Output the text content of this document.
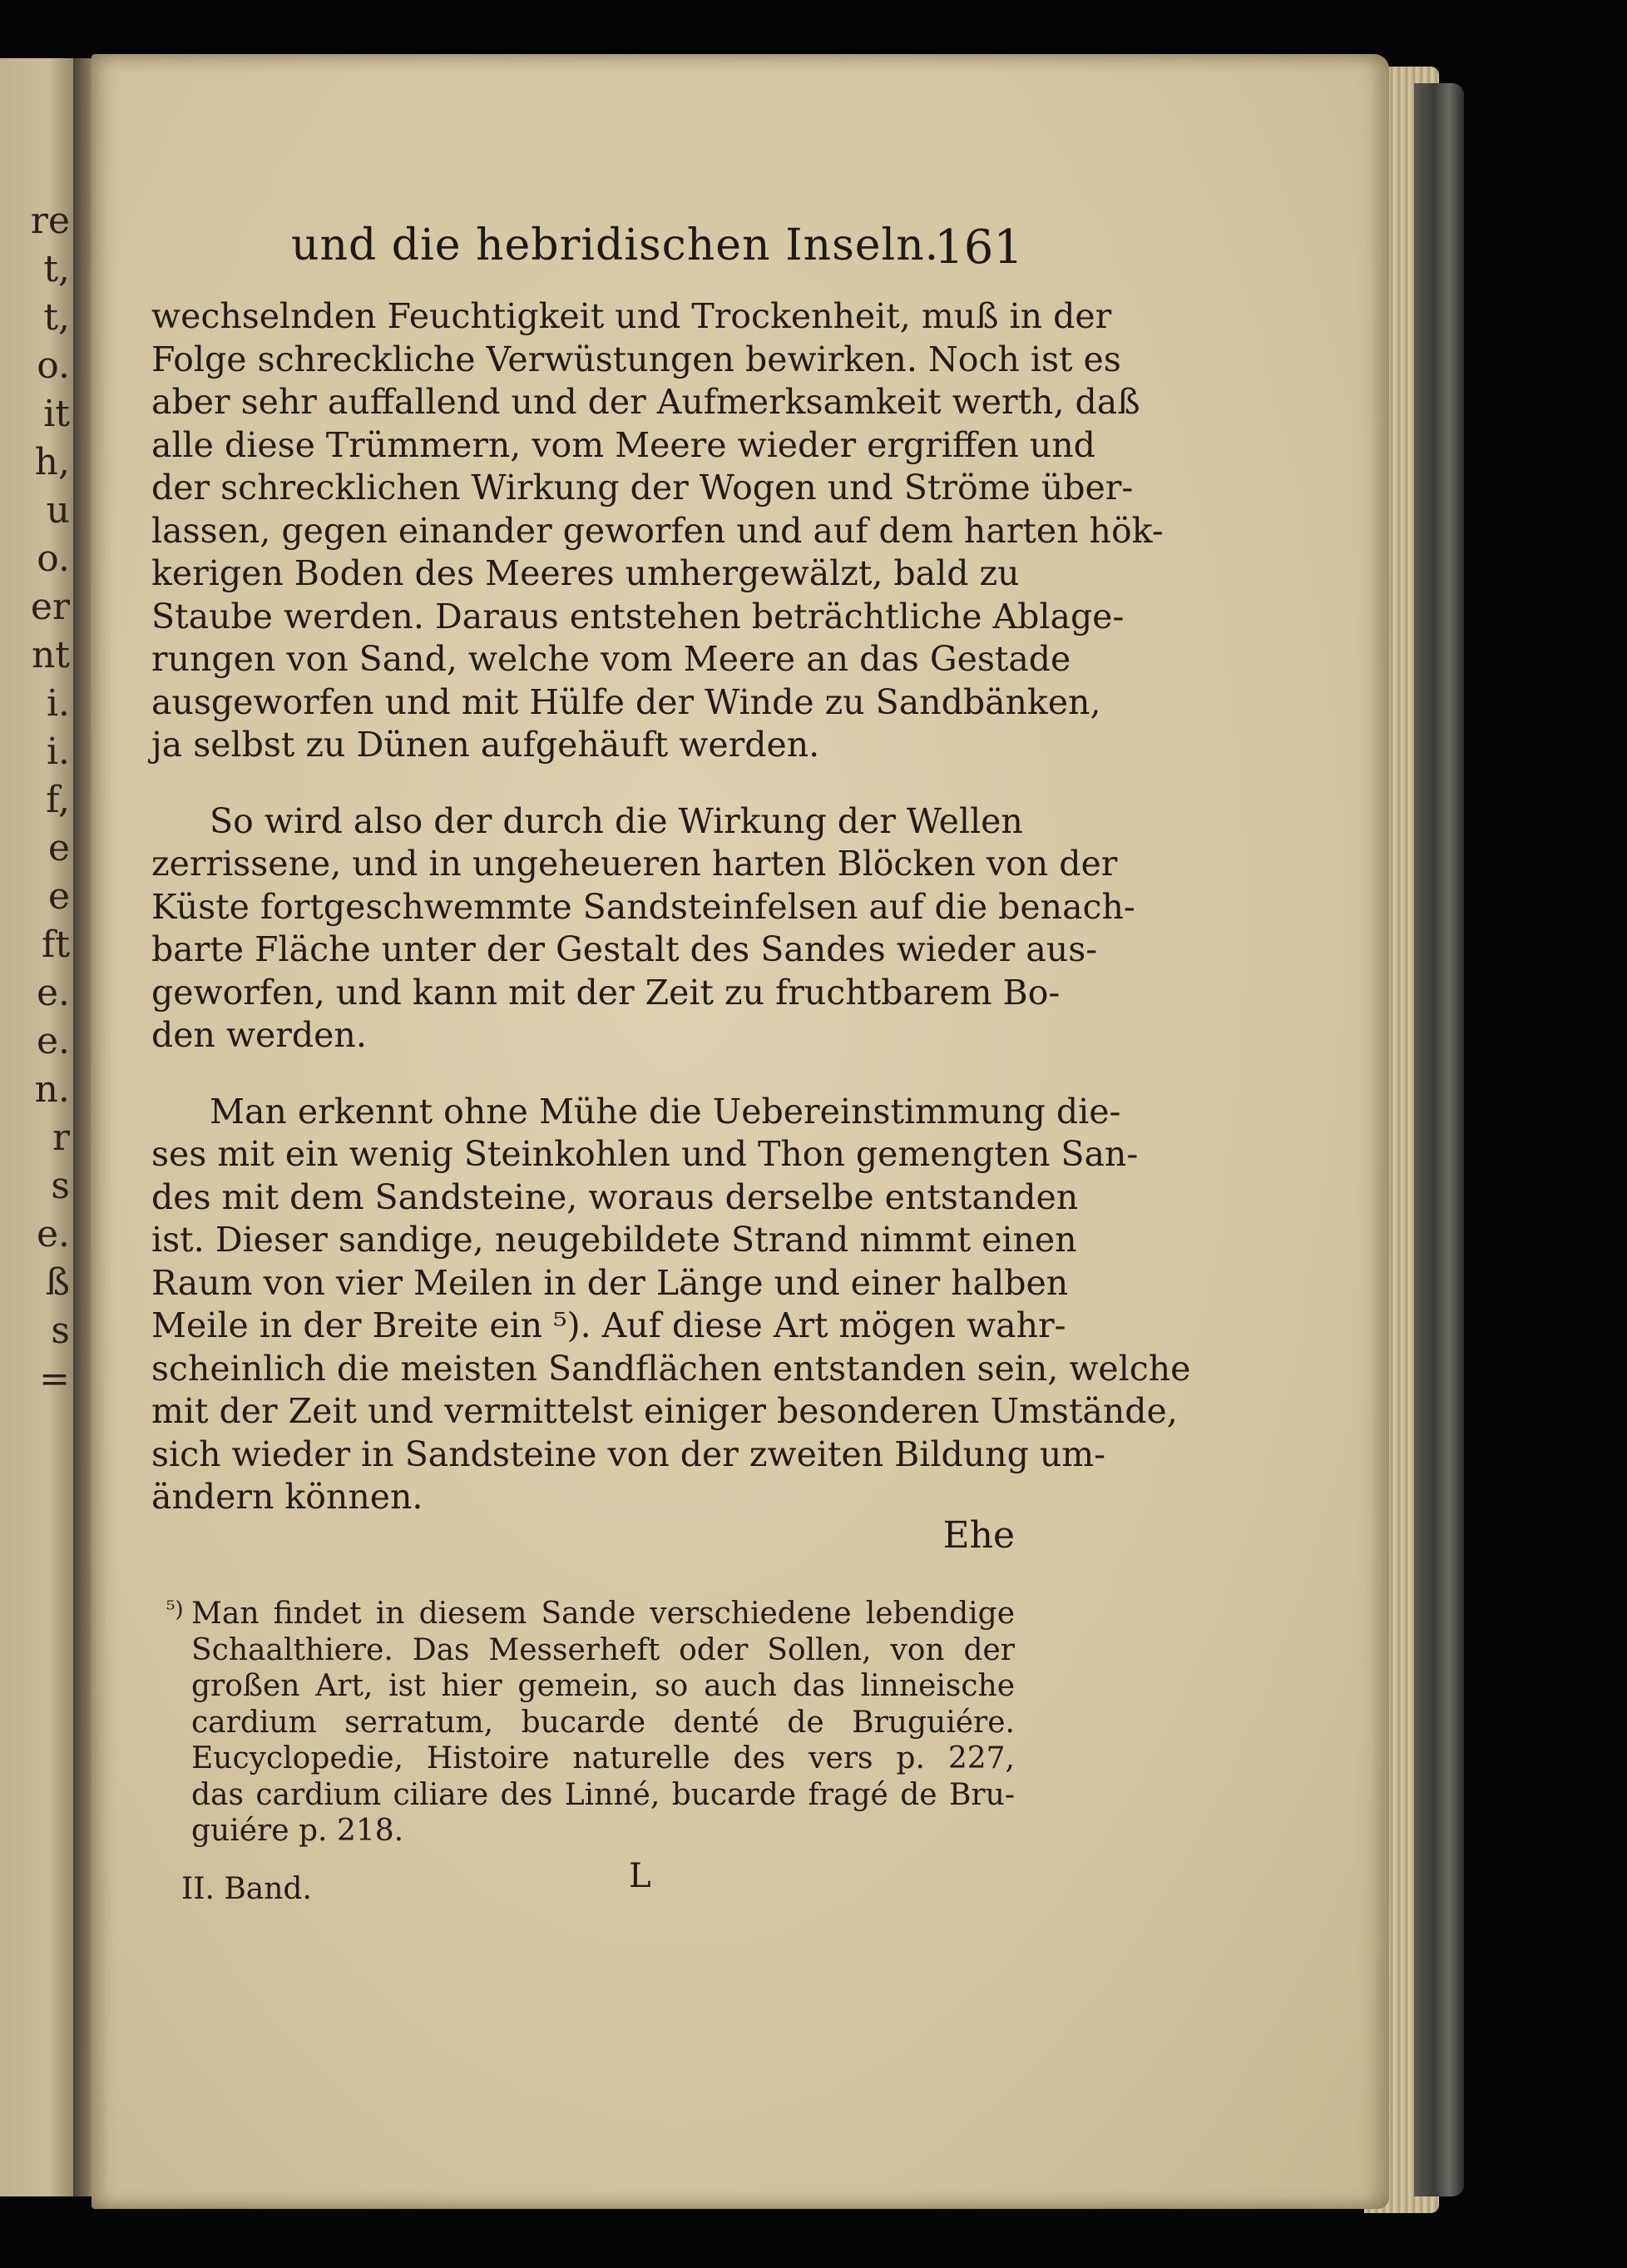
re
t,
t,
o.
it
h,
u
o.
er
nt
i.
i.
f,
e
e
ft
e.
e.
n.
r
s
e.
ß
s
=
und die hebridischen Inseln.
161
wechselnden Feuchtigkeit und Trockenheit, muß in der
Folge schreckliche Verwüstungen bewirken. Noch ist es
aber sehr auffallend und der Aufmerksamkeit werth, daß
alle diese Trümmern, vom Meere wieder ergriffen und
der schrecklichen Wirkung der Wogen und Ströme über-
lassen, gegen einander geworfen und auf dem harten hök-
kerigen Boden des Meeres umhergewälzt, bald zu
Staube werden. Daraus entstehen beträchtliche Ablage-
rungen von Sand, welche vom Meere an das Gestade
ausgeworfen und mit Hülfe der Winde zu Sandbänken,
ja selbst zu Dünen aufgehäuft werden.
So wird also der durch die Wirkung der Wellen
zerrissene, und in ungeheueren harten Blöcken von der
Küste fortgeschwemmte Sandsteinfelsen auf die benach-
barte Fläche unter der Gestalt des Sandes wieder aus-
geworfen, und kann mit der Zeit zu fruchtbarem Bo-
den werden.
Man erkennt ohne Mühe die Uebereinstimmung die-
ses mit ein wenig Steinkohlen und Thon gemengten San-
des mit dem Sandsteine, woraus derselbe entstanden
ist. Dieser sandige, neugebildete Strand nimmt einen
Raum von vier Meilen in der Länge und einer halben
Meile in der Breite ein ⁵). Auf diese Art mögen wahr-
scheinlich die meisten Sandflächen entstanden sein, welche
mit der Zeit und vermittelst einiger besonderen Umstände,
sich wieder in Sandsteine von der zweiten Bildung um-
ändern können.
Ehe
⁵) Man findet in diesem Sande verschiedene lebendige
Schaalthiere. Das Messerheft oder Sollen, von der
großen Art, ist hier gemein, so auch das linneische
cardium serratum, bucarde denté de Bruguiére.
Eucyclopedie, Histoire naturelle des vers p. 227,
das cardium ciliare des Linné, bucarde fragé de Bru-
guiére p. 218.
II. Band.	L
